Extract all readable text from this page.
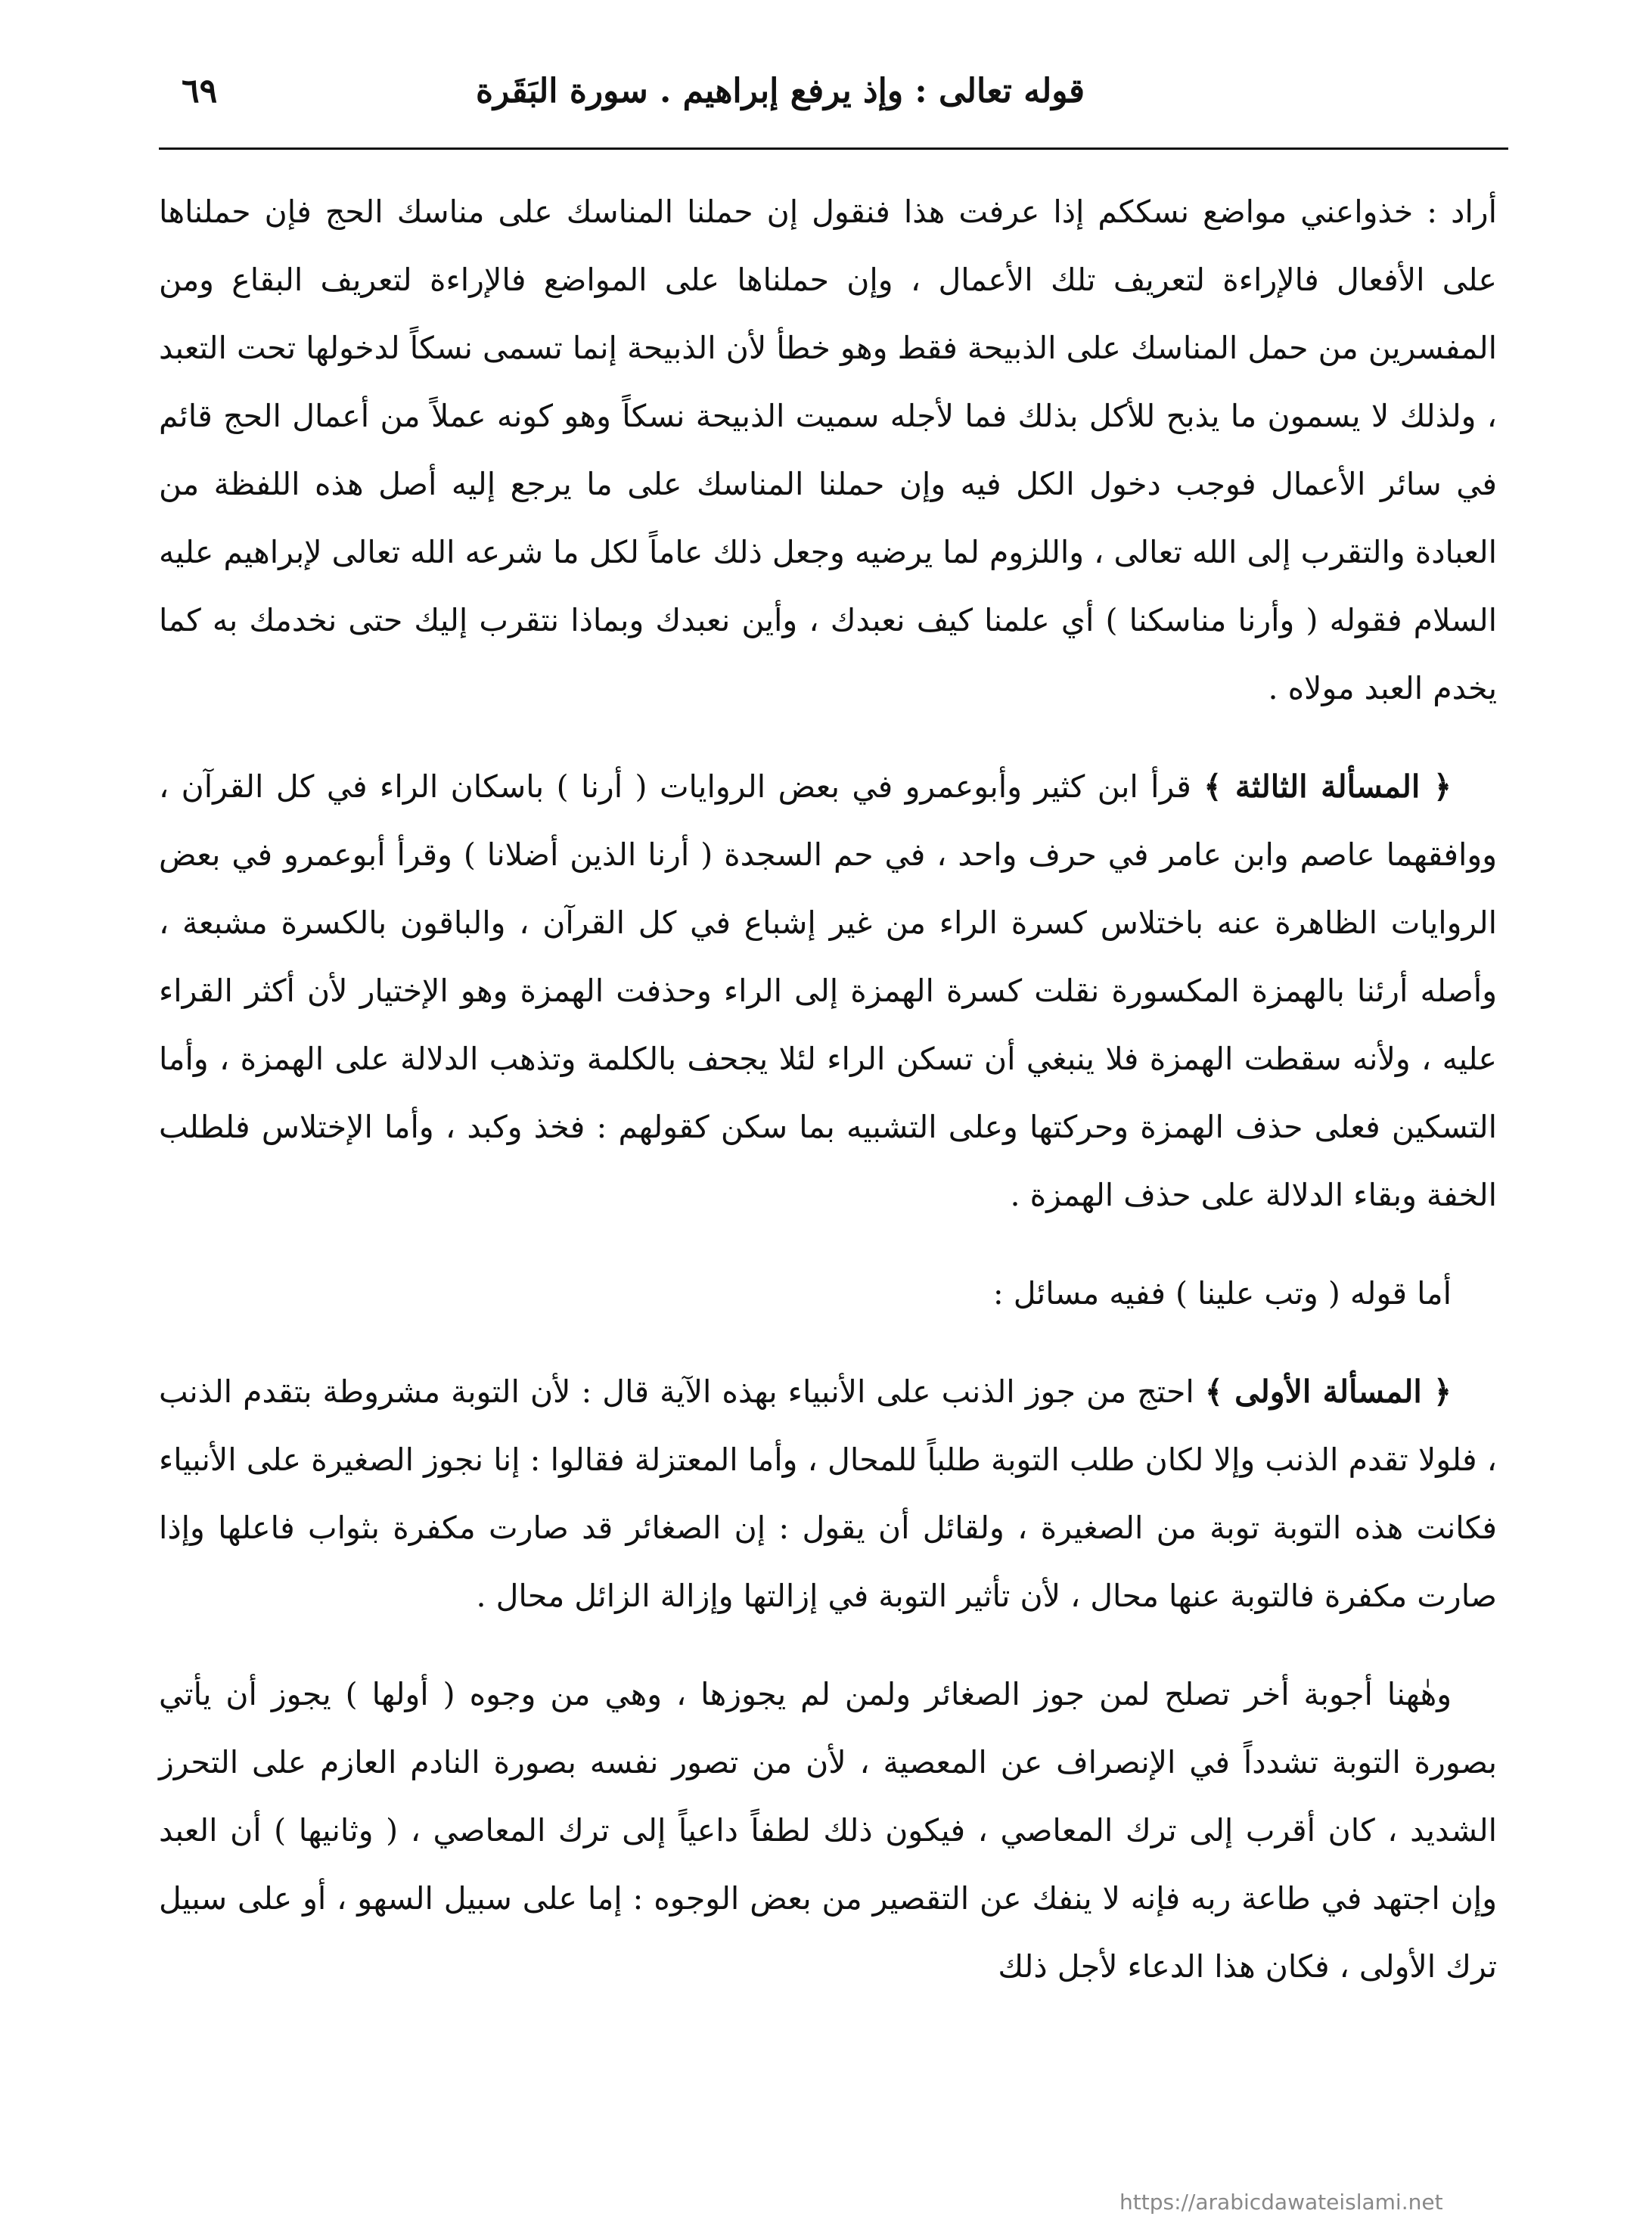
قوله تعالى : وإذ يرفع إبراهيم . سورة البَقَرة
٦٩

أراد : خذواعني مواضع نسككم إذا عرفت هذا فنقول إن حملنا المناسك على مناسك الحج فإن حملناها على الأفعال فالإراءة لتعريف تلك الأعمال ، وإن حملناها على المواضع فالإراءة لتعريف البقاع ومن المفسرين من حمل المناسك على الذبيحة فقط وهو خطأ لأن الذبيحة إنما تسمى نسكاً لدخولها تحت التعبد ، ولذلك لا يسمون ما يذبح للأكل بذلك فما لأجله سميت الذبيحة نسكاً وهو كونه عملاً من أعمال الحج قائم في سائر الأعمال فوجب دخول الكل فيه وإن حملنا المناسك على ما يرجع إليه أصل هذه اللفظة من العبادة والتقرب إلى الله تعالى ، واللزوم لما يرضيه وجعل ذلك عاماً لكل ما شرعه الله تعالى لإبراهيم عليه السلام فقوله ( وأرنا مناسكنا ) أي علمنا كيف نعبدك ، وأين نعبدك وبماذا نتقرب إليك حتى نخدمك به كما يخدم العبد مولاه .

﴿ المسألة الثالثة ﴾ قرأ ابن كثير وأبوعمرو في بعض الروايات ( أرنا ) باسكان الراء في كل القرآن ، ووافقهما عاصم وابن عامر في حرف واحد ، في حم السجدة ( أرنا الذين أضلانا ) وقرأ أبوعمرو في بعض الروايات الظاهرة عنه باختلاس كسرة الراء من غير إشباع في كل القرآن ، والباقون بالكسرة مشبعة ، وأصله أرئنا بالهمزة المكسورة نقلت كسرة الهمزة إلى الراء وحذفت الهمزة وهو الإختيار لأن أكثر القراء عليه ، ولأنه سقطت الهمزة فلا ينبغي أن تسكن الراء لئلا يجحف بالكلمة وتذهب الدلالة على الهمزة ، وأما التسكين فعلى حذف الهمزة وحركتها وعلى التشبيه بما سكن كقولهم : فخذ وكبد ، وأما الإختلاس فلطلب الخفة وبقاء الدلالة على حذف الهمزة .

أما قوله ( وتب علينا ) ففيه مسائل :

﴿ المسألة الأولى ﴾ احتج من جوز الذنب على الأنبياء بهذه الآية قال : لأن التوبة مشروطة بتقدم الذنب ، فلولا تقدم الذنب وإلا لكان طلب التوبة طلباً للمحال ، وأما المعتزلة فقالوا : إنا نجوز الصغيرة على الأنبياء فكانت هذه التوبة توبة من الصغيرة ، ولقائل أن يقول : إن الصغائر قد صارت مكفرة بثواب فاعلها وإذا صارت مكفرة فالتوبة عنها محال ، لأن تأثير التوبة في إزالتها وإزالة الزائل محال .

وهٰهنا أجوبة أخر تصلح لمن جوز الصغائر ولمن لم يجوزها ، وهي من وجوه ( أولها ) يجوز أن يأتي بصورة التوبة تشدداً في الإنصراف عن المعصية ، لأن من تصور نفسه بصورة النادم العازم على التحرز الشديد ، كان أقرب إلى ترك المعاصي ، فيكون ذلك لطفاً داعياً إلى ترك المعاصي ، ( وثانيها ) أن العبد وإن اجتهد في طاعة ربه فإنه لا ينفك عن التقصير من بعض الوجوه : إما على سبيل السهو ، أو على سبيل ترك الأولى ، فكان هذا الدعاء لأجل ذلك

https://arabicdawateislami.net
